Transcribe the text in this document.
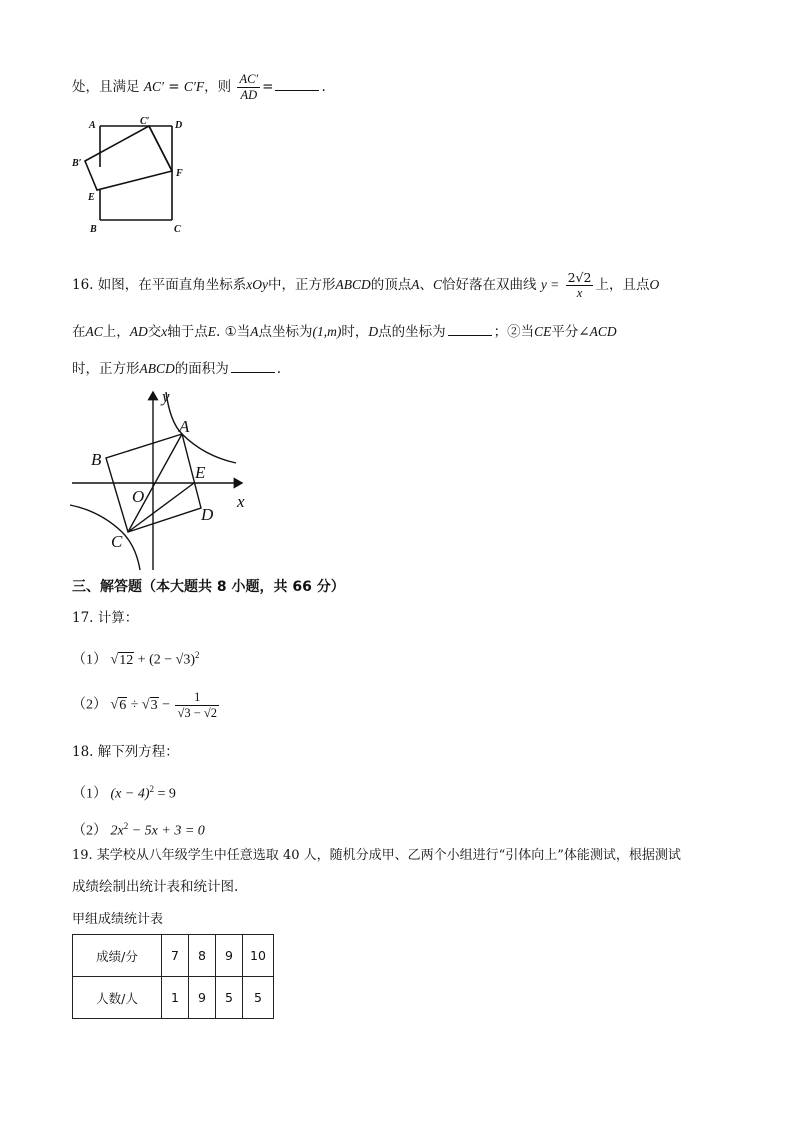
处，且满足 AC′ = C′F，则 $\frac{AC'}{AD}$ =	.
A	C′	D
B′
E
F
B	C
16. 如图，在平面直角坐标系xOy中，正方形ABCD的顶点A、C恰好落在双曲线 $y = \frac{2√2}{x}$ 上，且点O
在AC上，AD交x轴于点E. ①当A点坐标为(1,m)时，D点的坐标为	；②当CE平分∠ACD
时，正方形ABCD的面积为	.
y
x
A
B
E
O
D
C
三、解答题（本大题共 8 小题，共 66 分）
17. 计算：
（1） $√12 + (2 - √3)^2$
（2） $√6 \div √3 - \frac{1}{√3 - √2}$
18. 解下列方程：
（1） $(x - 4)^2 = 9$
（2） $2x^2 - 5x + 3 = 0$
19. 某学校从八年级学生中任意选取 40 人，随机分成甲、乙两个小组进行“引体向上”体能测试，根据测试
成绩绘制出统计表和统计图.
甲组成绩统计表
成绩/分	7	8	9	10
人数/人	1	9	5	5
